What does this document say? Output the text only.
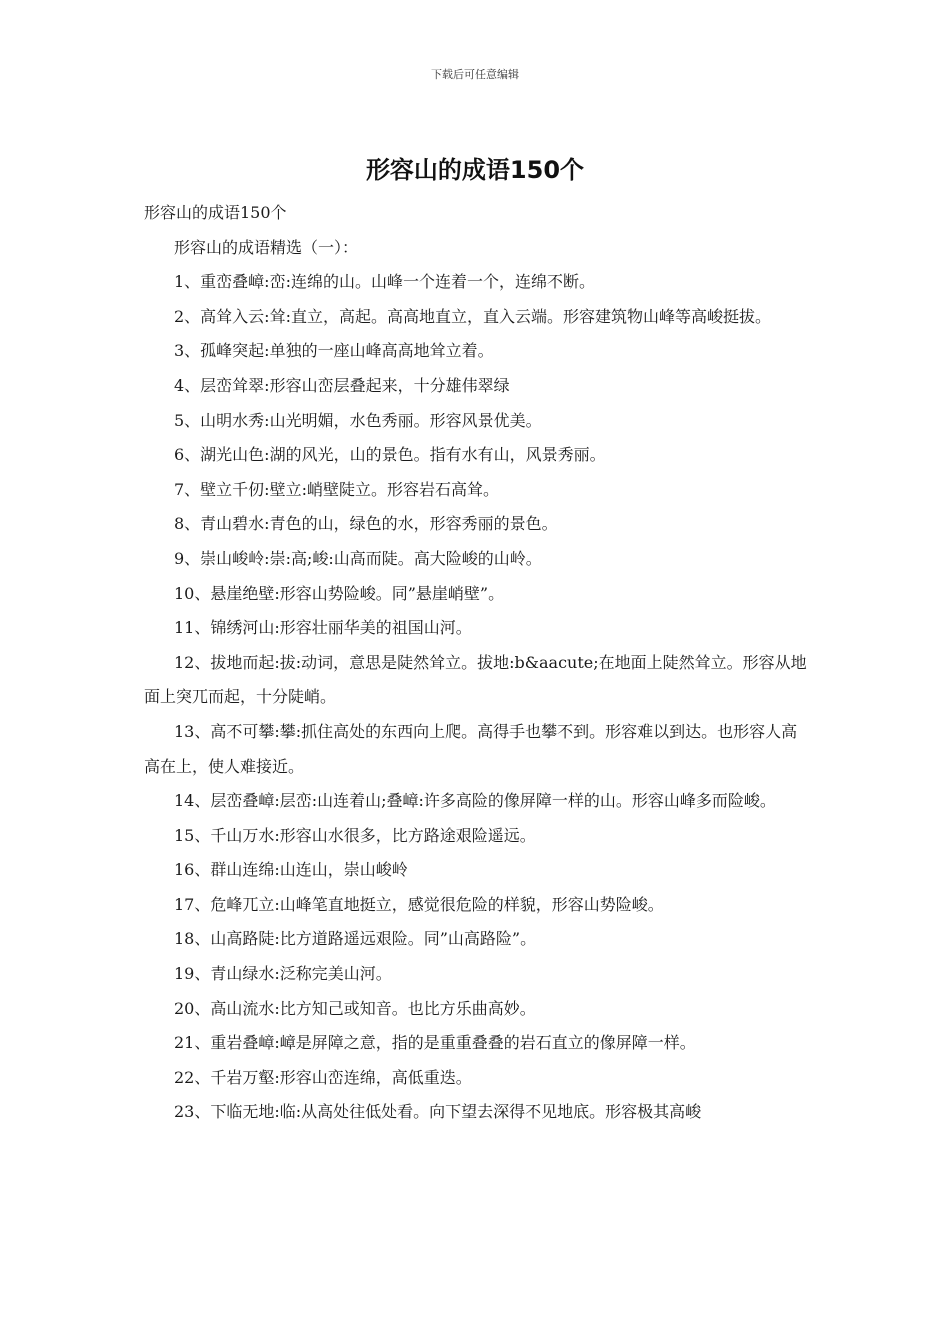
下载后可任意编辑
形容山的成语150个

形容山的成语150个

形容山的成语精选（一）：

1、重峦叠嶂:峦:连绵的山。山峰一个连着一个，连绵不断。

2、高耸入云:耸:直立，高起。高高地直立，直入云端。形容建筑物山峰等高峻挺拔。

3、孤峰突起:单独的一座山峰高高地耸立着。

4、层峦耸翠:形容山峦层叠起来，十分雄伟翠绿

5、山明水秀:山光明媚，水色秀丽。形容风景优美。

6、湖光山色:湖的风光，山的景色。指有水有山，风景秀丽。

7、壁立千仞:壁立:峭壁陡立。形容岩石高耸。

8、青山碧水:青色的山，绿色的水，形容秀丽的景色。

9、崇山峻岭:崇:高;峻:山高而陡。高大险峻的山岭。

10、悬崖绝壁:形容山势险峻。同”悬崖峭壁”。

11、锦绣河山:形容壮丽华美的祖国山河。

12、拔地而起:拔:动词，意思是陡然耸立。拔地:b&aacute;在地面上陡然耸立。形容从地面上突兀而起，十分陡峭。

13、高不可攀:攀:抓住高处的东西向上爬。高得手也攀不到。形容难以到达。也形容人高高在上，使人难接近。

14、层峦叠嶂:层峦:山连着山;叠嶂:许多高险的像屏障一样的山。形容山峰多而险峻。

15、千山万水:形容山水很多，比方路途艰险遥远。

16、群山连绵:山连山，崇山峻岭

17、危峰兀立:山峰笔直地挺立，感觉很危险的样貌，形容山势险峻。

18、山高路陡:比方道路遥远艰险。同”山高路险”。

19、青山绿水:泛称完美山河。

20、高山流水:比方知己或知音。也比方乐曲高妙。

21、重岩叠嶂:嶂是屏障之意，指的是重重叠叠的岩石直立的像屏障一样。

22、千岩万壑:形容山峦连绵，高低重迭。

23、下临无地:临:从高处往低处看。向下望去深得不见地底。形容极其高峻
